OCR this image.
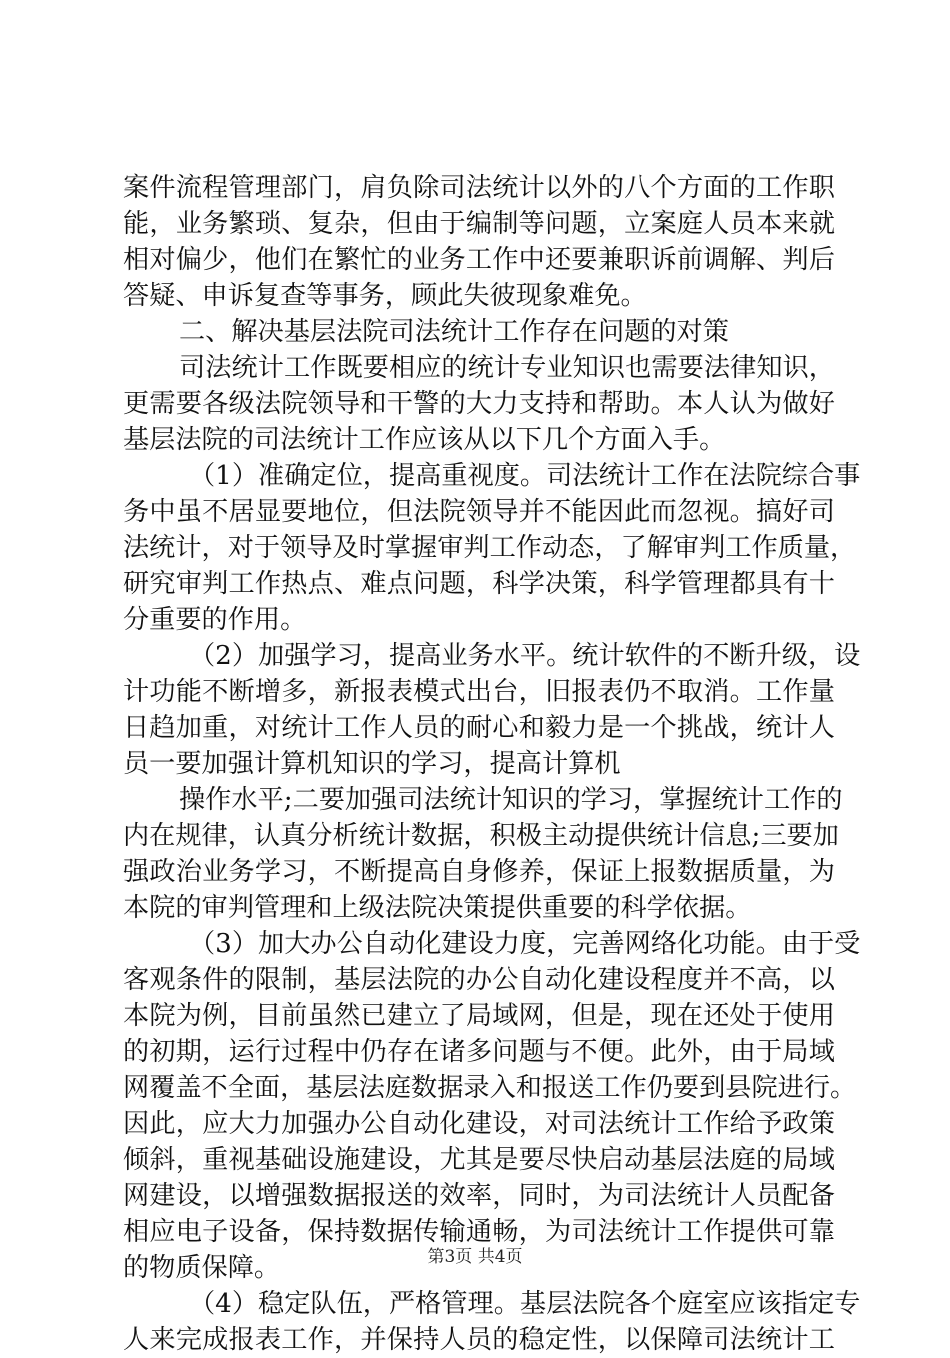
案件流程管理部门，肩负除司法统计以外的八个方面的工作职
能，业务繁琐、复杂，但由于编制等问题，立案庭人员本来就
相对偏少，他们在繁忙的业务工作中还要兼职诉前调解、判后
答疑、申诉复查等事务，顾此失彼现象难免。
二、解决基层法院司法统计工作存在问题的对策
司法统计工作既要相应的统计专业知识也需要法律知识，
更需要各级法院领导和干警的大力支持和帮助。本人认为做好
基层法院的司法统计工作应该从以下几个方面入手。
（1）准确定位，提高重视度。司法统计工作在法院综合事
务中虽不居显要地位，但法院领导并不能因此而忽视。搞好司
法统计，对于领导及时掌握审判工作动态，了解审判工作质量，
研究审判工作热点、难点问题，科学决策，科学管理都具有十
分重要的作用。
（2）加强学习，提高业务水平。统计软件的不断升级，设
计功能不断增多，新报表模式出台，旧报表仍不取消。工作量
日趋加重，对统计工作人员的耐心和毅力是一个挑战，统计人
员一要加强计算机知识的学习，提高计算机
操作水平;二要加强司法统计知识的学习，掌握统计工作的
内在规律，认真分析统计数据，积极主动提供统计信息;三要加
强政治业务学习，不断提高自身修养，保证上报数据质量，为
本院的审判管理和上级法院决策提供重要的科学依据。
（3）加大办公自动化建设力度，完善网络化功能。由于受
客观条件的限制，基层法院的办公自动化建设程度并不高，以
本院为例，目前虽然已建立了局域网，但是，现在还处于使用
的初期，运行过程中仍存在诸多问题与不便。此外，由于局域
网覆盖不全面，基层法庭数据录入和报送工作仍要到县院进行。
因此，应大力加强办公自动化建设，对司法统计工作给予政策
倾斜，重视基础设施建设，尤其是要尽快启动基层法庭的局域
网建设，以增强数据报送的效率，同时，为司法统计人员配备
相应电子设备，保持数据传输通畅，为司法统计工作提供可靠
的物质保障。
（4）稳定队伍，严格管理。基层法院各个庭室应该指定专
人来完成报表工作，并保持人员的稳定性，以保障司法统计工
第3页 共4页
